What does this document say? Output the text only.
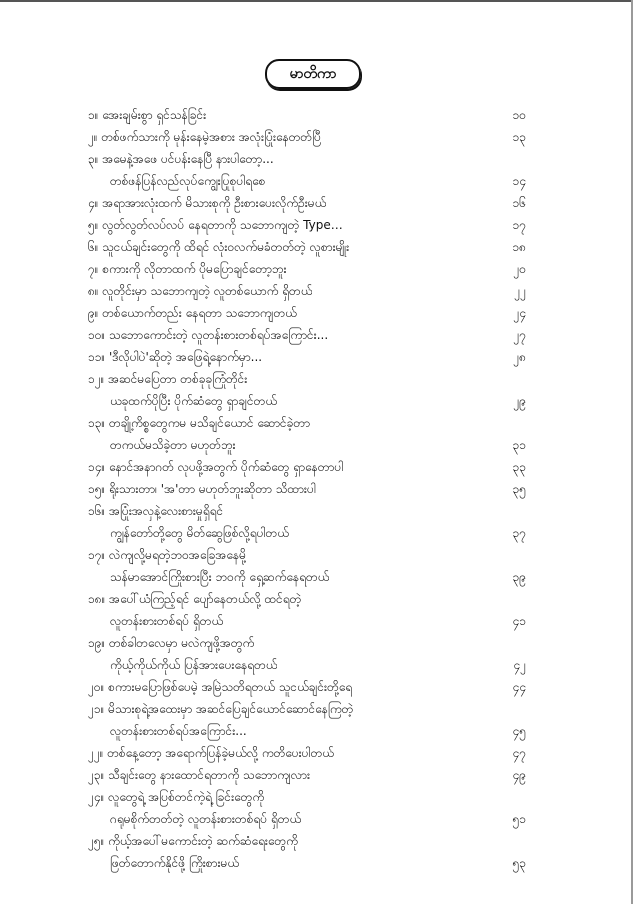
မာတိကာ
၁။ အေးချမ်းစွာ ရှင်သန်ခြင်း	၁၀
၂။ တစ်ဖက်သားကို မုန်းနေမဲ့အစား အလုံးပြုံးနေတတ်ပြီ	၁၃
၃။ အမေနဲ့အဖေ ပင်ပန်းနေပြီ နားပါတော့...
တစ်ဖန်ပြန်လည်လုပ်ကျွေးပြုစုပါရစေ	၁၄
၄။ အရာအားလုံးထက် မိသားစုကို ဦးစားပေးလိုက်ဦးမယ်	၁၆
၅။ လွတ်လွတ်လပ်လပ် နေရတာကို သဘောကျတဲ့ Type…	၁၇
၆။ သူငယ်ချင်းတွေကို ထိရင် လုံးဝလက်မခံတတ်တဲ့ လူစားမျိုး	၁၈
၇။ စကားကို လိုတာထက် ပိုမပြောချင်တော့ဘူး	၂၀
၈။ လူတိုင်းမှာ သဘောကျတဲ့ လူတစ်ယောက် ရှိတယ်	၂၂
၉။ တစ်ယောက်တည်း နေရတာ သဘောကျတယ်	၂၄
၁၀။ သဘောကောင်းတဲ့ လူတန်းစားတစ်ရပ်အကြောင်း...	၂၇
၁၁။ 'ဒီလိုပါပဲ'ဆိုတဲ့ အဖြေရဲ့နောက်မှာ...	၂၈
၁၂။ အဆင်မပြေတာ တစ်ခုခုကြုံတိုင်း
ယခုထက်ပိုပြီး ပိုက်ဆံတွေ ရှာချင်တယ်	၂၉
၁၃။ တချို့ကိစ္စတွေကမ မသိချင်ယောင် ဆောင်ခဲ့တာ
တကယ်မသိခဲ့တာ မဟုတ်ဘူး	၃၁
၁၄။ နောင်အနာဂတ် လုပဖို့အတွက် ပိုက်ဆံတွေ ရှာနေတာပါ	၃၃
၁၅။ ရိုးသားတာ၊ 'အ'တာ မဟုတ်ဘူးဆိုတာ သိထားပါ	၃၅
၁၆။ အပြုံးအလှနဲ့လေးစားမှုရှိရင်
ကျွန်တော်တို့တွေ မိတ်ဆွေဖြစ်လို့ရပါတယ်	၃၇
၁၇။ လဲကျလို့မရတဲ့ဘဝအခြေအနေမို့
သန်မာအောင်ကြိုးစားပြီး ဘဝကို ရှေ့ဆက်နေရတယ်	၃၉
၁၈။ အပေါ်ယံကြည့်ရင် ပျော်နေတယ်လို့ ထင်ရတဲ့
လူတန်းစားတစ်ရပ် ရှိတယ်	၄၁
၁၉။ တစ်ခါတလေမှာ မလဲကျဖို့အတွက်
ကိုယ့်ကိုယ်ကိုယ် ပြန်အားပေးနေရတယ်	၄၂
၂၀။ စကားမပြောဖြစ်ပေမဲ့ အမြဲသတိရတယ် သူငယ်ချင်းတို့ရေ	၄၄
၂၁။ မိသားစုရဲ့အထေးမှာ အဆင်ပြေချင်ယောင်ဆောင်နေကြတဲ့
လူတန်းစားတစ်ရပ်အကြောင်း...	၄၅
၂၂။ တစ်နေ့တော့ အရောက်ပြန်ခဲ့မယ်လို့ ကတိပေးပါတယ်	၄၇
၂၃။ သီချင်းတွေ နားထောင်ရတာကို သဘောကျလား	၄၉
၂၄။ လူတွေရဲ့ အပြစ်တင်ကဲ့ရဲ့ ခြင်းတွေကို
ဂရုမစိုက်တတ်တဲ့ လူတန်းစားတစ်ရပ် ရှိတယ်	၅၁
၂၅။ ကိုယ့်အပေါ်မကောင်းတဲ့ ဆက်ဆံရေးတွေကို
ဖြတ်တောက်နိုင်ဖို့ ကြိုးစားမယ်	၅၃
